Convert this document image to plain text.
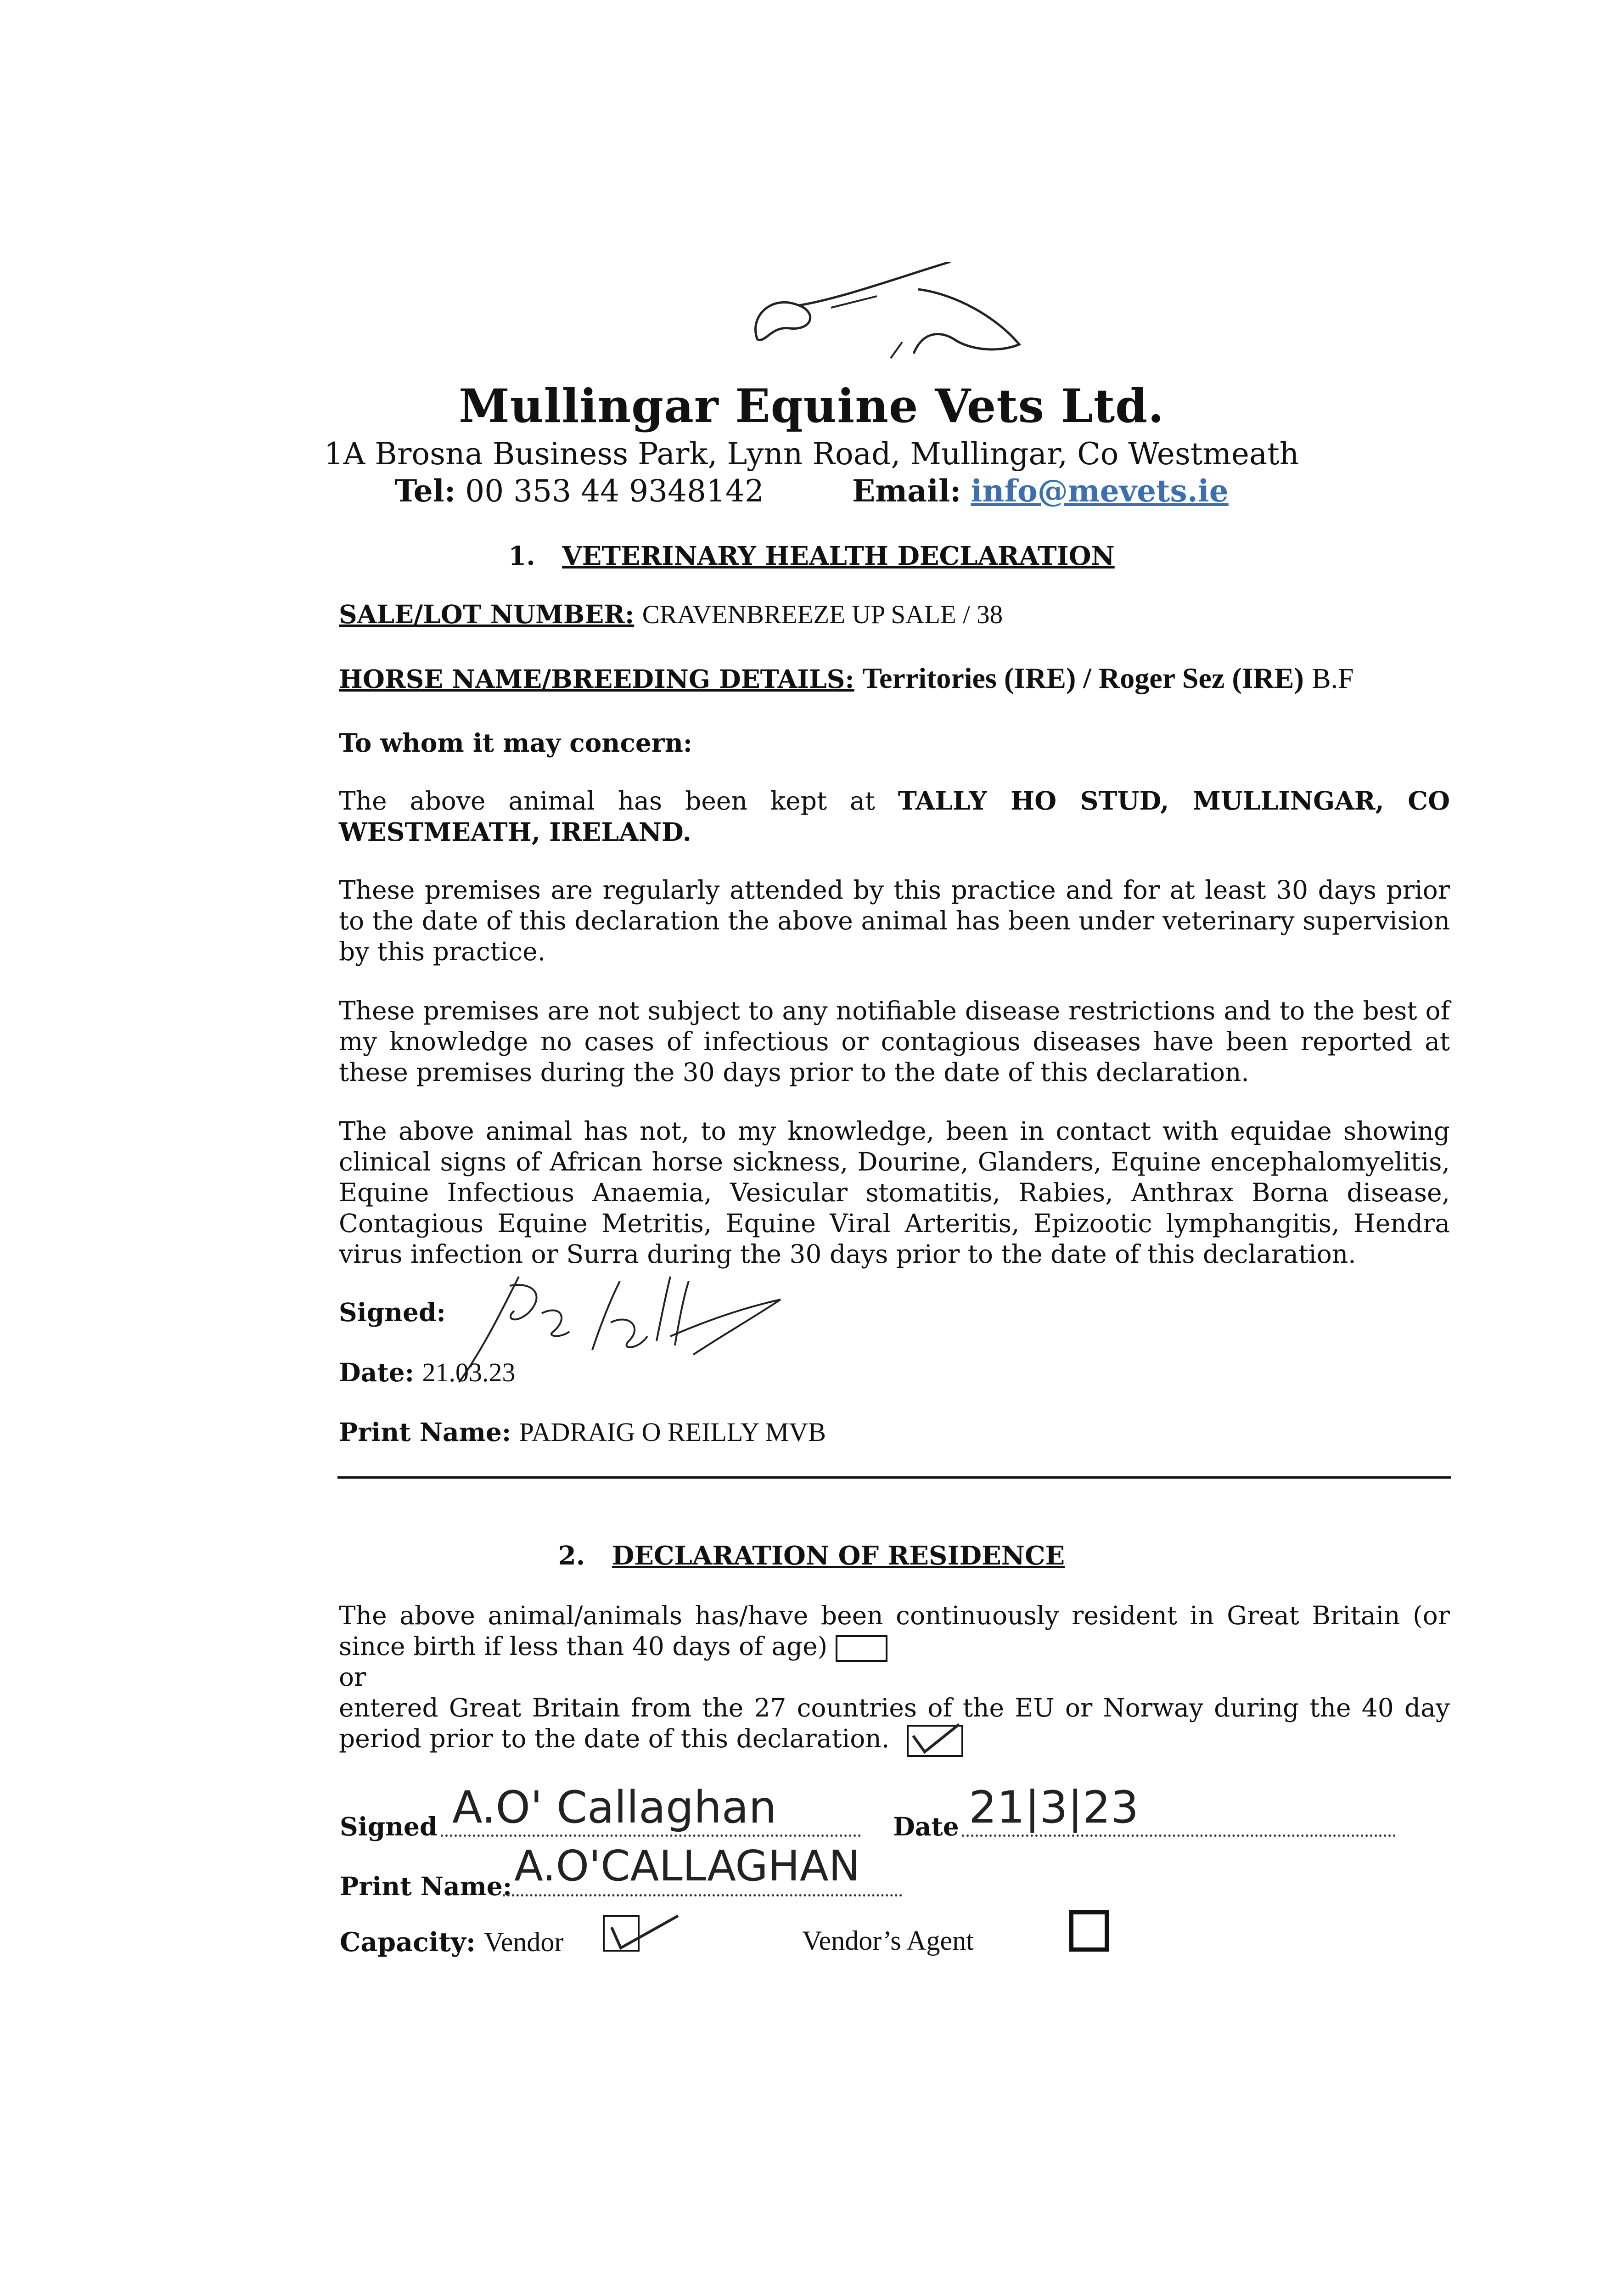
Mullingar Equine Vets Ltd.
1A Brosna Business Park, Lynn Road, Mullingar, Co Westmeath
Tel: 00 353 44 9348142	Email: info@mevets.ie
1. VETERINARY HEALTH DECLARATION
SALE/LOT NUMBER: CRAVENBREEZE UP SALE / 38
HORSE NAME/BREEDING DETAILS: Territories (IRE) / Roger Sez (IRE) B.F
To whom it may concern:
The above animal has been kept at TALLY HO STUD, MULLINGAR, CO WESTMEATH, IRELAND.
These premises are regularly attended by this practice and for at least 30 days prior to the date of this declaration the above animal has been under veterinary supervision by this practice.
These premises are not subject to any notifiable disease restrictions and to the best of my knowledge no cases of infectious or contagious diseases have been reported at these premises during the 30 days prior to the date of this declaration.
The above animal has not, to my knowledge, been in contact with equidae showing clinical signs of African horse sickness, Dourine, Glanders, Equine encephalomyelitis, Equine Infectious Anaemia, Vesicular stomatitis, Rabies, Anthrax Borna disease, Contagious Equine Metritis, Equine Viral Arteritis, Epizootic lymphangitis, Hendra virus infection or Surra during the 30 days prior to the date of this declaration.
Signed:
Date: 21.03.23
Print Name: PADRAIG O REILLY MVB
2. DECLARATION OF RESIDENCE
The above animal/animals has/have been continuously resident in Great Britain (or since birth if less than 40 days of age)
or
entered Great Britain from the 27 countries of the EU or Norway during the 40 day period prior to the date of this declaration.
Signed A.O' Callaghan	Date 21|3|23
Print Name: A.O'CALLAGHAN
Capacity: Vendor
	Vendor’s Agent
